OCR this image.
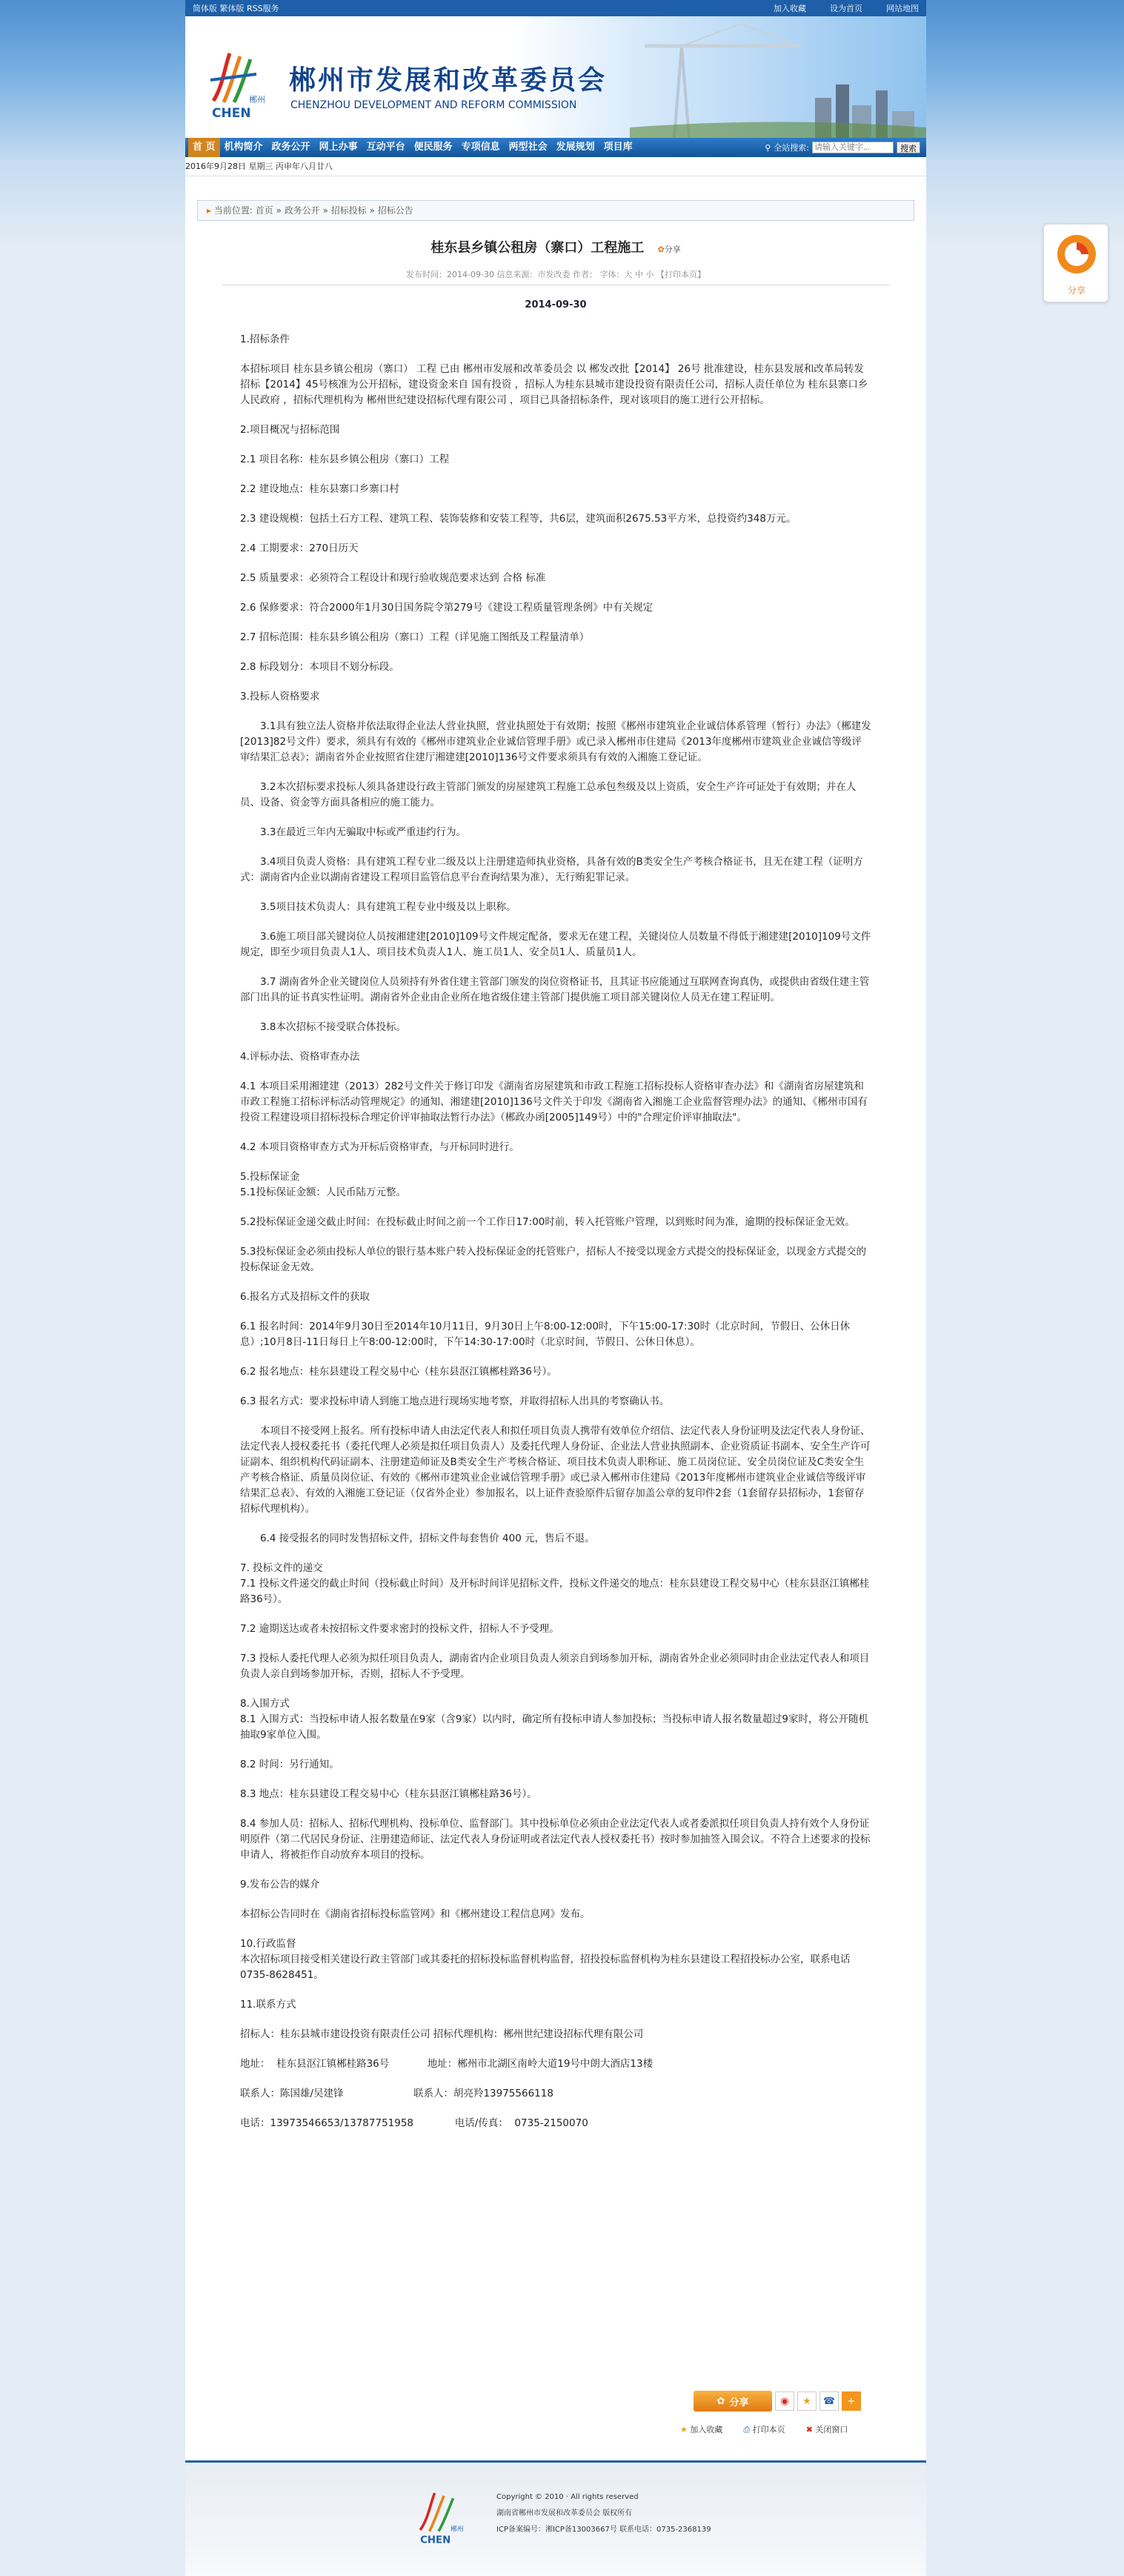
分享
简体版 繁体版 RSS服务	加入收藏	设为首页	网站地图
郴州
CHEN
郴州市发展和改革委员会
CHENZHOU DEVELOPMENT AND REFORM COMMISSION
首 页 机构简介 政务公开 网上办事 互动平台 便民服务 专项信息 两型社会 发展规划 项目库	⚲ 全站搜索:
请输入关键字...	搜索
2016年9月28日 星期三 丙申年八月廿八
▸ 当前位置: 首页 » 政务公开 » 招标投标 » 招标公告
桂东县乡镇公租房（寨口）工程施工 ✿分享
发布时间：2014-09-30 信息来源：市发改委 作者： 字体：大 中 小 【打印本页】
2014-09-30

1.招标条件

本招标项目 桂东县乡镇公租房（寨口） 工程 已由 郴州市发展和改革委员会 以 郴发改批【2014】 26号 批准建设，桂东县发展和改革局转发招标【2014】45号核准为公开招标，建设资金来自 国有投资 ，招标人为桂东县城市建设投资有限责任公司，招标人责任单位为 桂东县寨口乡人民政府 ，招标代理机构为 郴州世纪建设招标代理有限公司 ，项目已具备招标条件，现对该项目的施工进行公开招标。

2.项目概况与招标范围

2.1 项目名称：桂东县乡镇公租房（寨口）工程

2.2 建设地点：桂东县寨口乡寨口村

2.3 建设规模：包括土石方工程、建筑工程、装饰装修和安装工程等，共6层，建筑面积2675.53平方米，总投资约348万元。

2.4 工期要求：270日历天

2.5 质量要求：必须符合工程设计和现行验收规范要求达到 合格 标准

2.6 保修要求：符合2000年1月30日国务院令第279号《建设工程质量管理条例》中有关规定

2.7 招标范围：桂东县乡镇公租房（寨口）工程（详见施工图纸及工程量清单）

2.8 标段划分：本项目不划分标段。

3.投标人资格要求

3.1具有独立法人资格并依法取得企业法人营业执照，营业执照处于有效期；按照《郴州市建筑业企业诚信体系管理（暂行）办法》（郴建发[2013]82号文件）要求，须具有有效的《郴州市建筑业企业诚信管理手册》或已录入郴州市住建局《2013年度郴州市建筑业企业诚信等级评审结果汇总表》；湖南省外企业按照省住建厅湘建建[2010]136号文件要求须具有有效的入湘施工登记证。

3.2本次招标要求投标人须具备建设行政主管部门颁发的房屋建筑工程施工总承包叁级及以上资质，安全生产许可证处于有效期；并在人员、设备、资金等方面具备相应的施工能力。

3.3在最近三年内无骗取中标或严重违约行为。

3.4项目负责人资格：具有建筑工程专业二级及以上注册建造师执业资格，具备有效的B类安全生产考核合格证书，且无在建工程（证明方式：湖南省内企业以湖南省建设工程项目监管信息平台查询结果为准），无行贿犯罪记录。

3.5项目技术负责人：具有建筑工程专业中级及以上职称。

3.6施工项目部关键岗位人员按湘建建[2010]109号文件规定配备，要求无在建工程，关键岗位人员数量不得低于湘建建[2010]109号文件规定，即至少项目负责人1人、项目技术负责人1人、施工员1人、安全员1人、质量员1人。

3.7 湖南省外企业关键岗位人员须持有外省住建主管部门颁发的岗位资格证书，且其证书应能通过互联网查询真伪，或提供由省级住建主管部门出具的证书真实性证明。湖南省外企业由企业所在地省级住建主管部门提供施工项目部关键岗位人员无在建工程证明。

3.8本次招标不接受联合体投标。

4.评标办法、资格审查办法

4.1 本项目采用湘建建（2013）282号文件关于修订印发《湖南省房屋建筑和市政工程施工招标投标人资格审查办法》和《湖南省房屋建筑和市政工程施工招标评标活动管理规定》的通知、湘建建[2010]136号文件关于印发《湖南省入湘施工企业监督管理办法》的通知、《郴州市国有投资工程建设项目招标投标合理定价评审抽取法暂行办法》（郴政办函[2005]149号）中的"合理定价评审抽取法"。

4.2 本项目资格审查方式为开标后资格审查，与开标同时进行。

5.投标保证金
5.1投标保证金额：人民币陆万元整。

5.2投标保证金递交截止时间：在投标截止时间之前一个工作日17:00时前，转入托管账户管理，以到账时间为准，逾期的投标保证金无效。

5.3投标保证金必须由投标人单位的银行基本账户转入投标保证金的托管账户，招标人不接受以现金方式提交的投标保证金，以现金方式提交的投标保证金无效。

6.报名方式及招标文件的获取

6.1 报名时间：2014年9月30日至2014年10月11日，9月30日上午8:00-12:00时，下午15:00-17:30时（北京时间，节假日、公休日休息）;10月8日-11日每日上午8:00-12:00时，下午14:30-17:00时（北京时间，节假日、公休日休息）。

6.2 报名地点：桂东县建设工程交易中心（桂东县沤江镇郴桂路36号）。

6.3 报名方式：要求投标申请人到施工地点进行现场实地考察，并取得招标人出具的考察确认书。

本项目不接受网上报名。所有投标申请人由法定代表人和拟任项目负责人携带有效单位介绍信、法定代表人身份证明及法定代表人身份证、法定代表人授权委托书（委托代理人必须是拟任项目负责人）及委托代理人身份证、企业法人营业执照副本、企业资质证书副本、安全生产许可证副本、组织机构代码证副本、注册建造师证及B类安全生产考核合格证、项目技术负责人职称证、施工员岗位证、安全员岗位证及C类安全生产考核合格证、质量员岗位证、有效的《郴州市建筑业企业诚信管理手册》或已录入郴州市住建局《2013年度郴州市建筑业企业诚信等级评审结果汇总表》、有效的入湘施工登记证（仅省外企业）参加报名，以上证件查验原件后留存加盖公章的复印件2套（1套留存县招标办，1套留存招标代理机构）。

6.4 接受报名的同时发售招标文件，招标文件每套售价 400 元，售后不退。

7. 投标文件的递交
7.1 投标文件递交的截止时间（投标截止时间）及开标时间详见招标文件，投标文件递交的地点：桂东县建设工程交易中心（桂东县沤江镇郴桂路36号）。

7.2 逾期送达或者未按招标文件要求密封的投标文件，招标人不予受理。

7.3 投标人委托代理人必须为拟任项目负责人，湖南省内企业项目负责人须亲自到场参加开标，湖南省外企业必须同时由企业法定代表人和项目负责人亲自到场参加开标，否则，招标人不予受理。

8.入围方式
8.1 入围方式：当投标申请人报名数量在9家（含9家）以内时，确定所有投标申请人参加投标；当投标申请人报名数量超过9家时，将公开随机抽取9家单位入围。

8.2 时间：另行通知。

8.3 地点：桂东县建设工程交易中心（桂东县沤江镇郴桂路36号）。

8.4 参加人员：招标人、招标代理机构、投标单位、监督部门。其中投标单位必须由企业法定代表人或者委派拟任项目负责人持有效个人身份证明原件（第二代居民身份证、注册建造师证、法定代表人身份证明或者法定代表人授权委托书）按时参加抽签入围会议。不符合上述要求的投标申请人，将被拒作自动放弃本项目的投标。

9.发布公告的媒介

本招标公告同时在《湖南省招标投标监管网》和《郴州建设工程信息网》发布。

10.行政监督
本次招标项目接受相关建设行政主管部门或其委托的招标投标监督机构监督，招投投标监督机构为桂东县建设工程招投标办公室，联系电话0735-8628451。

11.联系方式

招标人：桂东县城市建设投资有限责任公司 招标代理机构：郴州世纪建设招标代理有限公司

地址：  桂东县沤江镇郴桂路36号            地址：郴州市北湖区南岭大道19号中朗大酒店13楼

联系人：陈国雄/吴建锋                      联系人：胡亮羚13975566118

电话：13973546653/13787751958             电话/传真：  0735-2150070

✿ 分享	◉	★	☎	+
★ 加入收藏	⎙ 打印本页	✖ 关闭窗口
郴州
CHEN
Copyright © 2010 · All rights reserved
湖南省郴州市发展和改革委员会 版权所有
ICP备案编号：湘ICP备13003667号 联系电话：0735-2368139
